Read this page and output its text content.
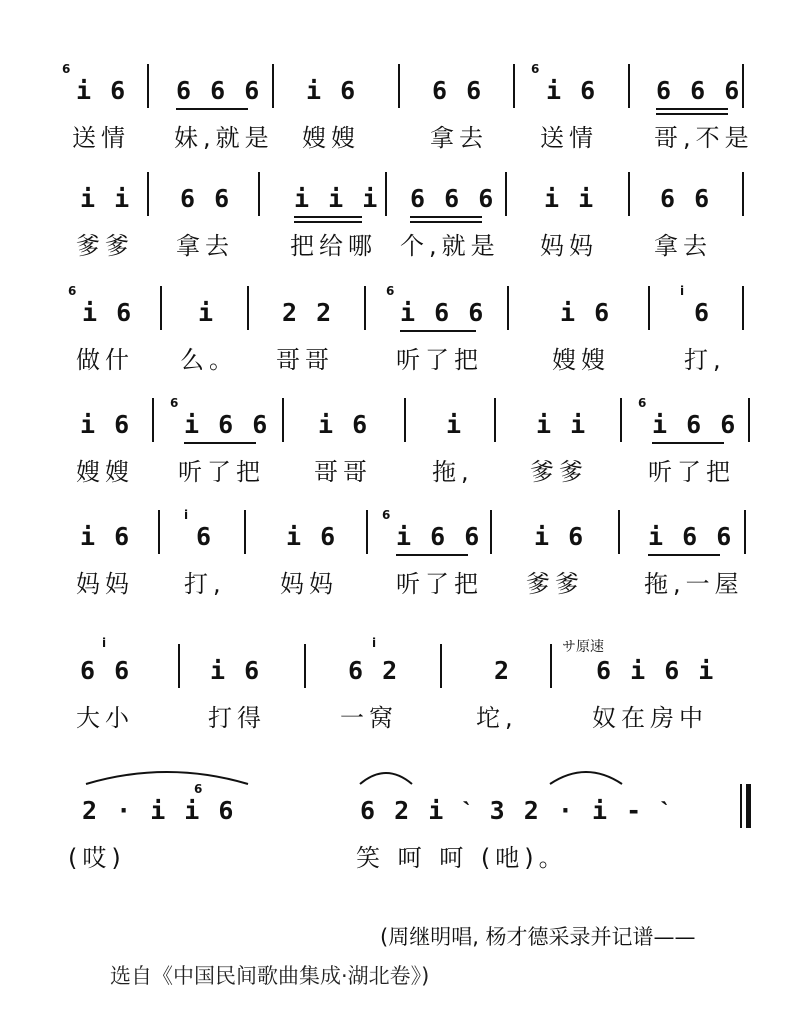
6
i 6 6 6 6 i 6	6 6
6
i 6 6 6 6
送情 妹,就是 嫂嫂	拿去 送情 哥,不是
i i 6 6	i i i 6 6 6 i i	6 6
爹爹 拿去 把给哪 个,就是 妈妈 拿去
6
i 6	i	2 2
6
i 6 6	i 6
i
6
做什 么。 哥哥	听了把	嫂嫂	打,
i 6
6
i 6 6 i 6	i	i i
6
i 6 6
嫂嫂 听了把 哥哥	拖, 爹爹	听了把
i 6
i
6	i 6
6
i 6 6 i 6	i 6 6
妈妈 打, 妈妈 听了把 爹爹	拖,一屋
i
6 6	i 6
i
6 2	2
サ原速
6 i 6 i
大小	打得	一窝	坨,	奴在房中
6
2 · i i 6	6 2 i ˋ 3 2 · i - ˋ
(哎)	笑 呵 呵 (吔)。
(周继明唱, 杨才德采录并记谱——
选自《中国民间歌曲集成·湖北卷》)
